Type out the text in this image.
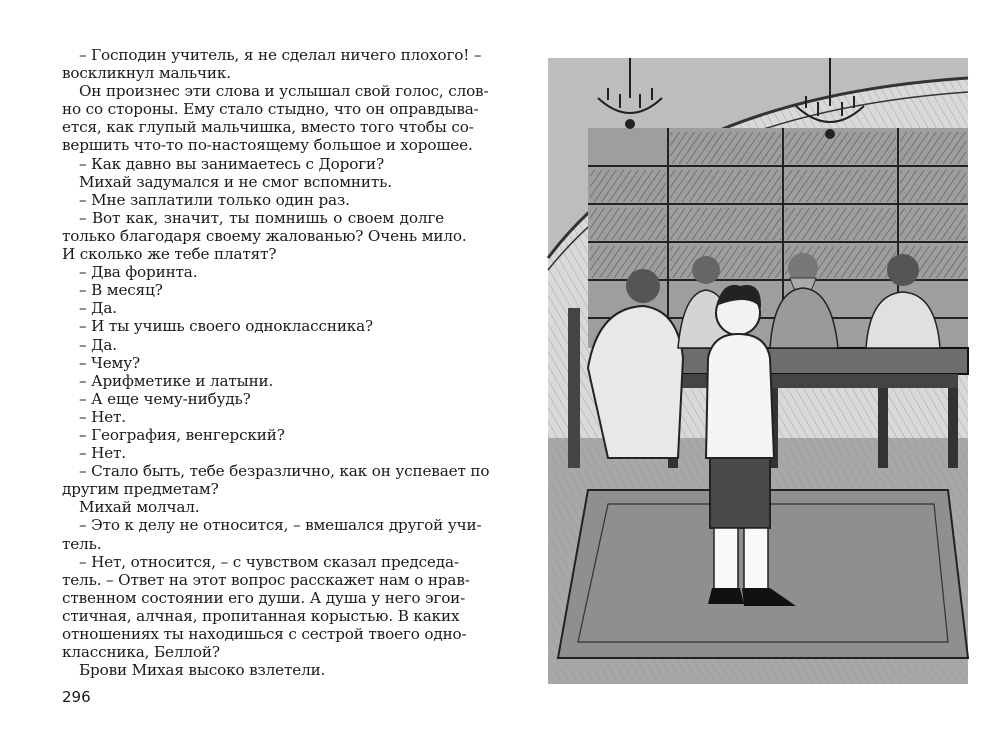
– Господин учитель, я не сделал ничего плохого! –
воскликнул мальчик.
Он произнес эти слова и услышал свой голос, слов-
но со стороны. Ему стало стыдно, что он оправдыва-
ется, как глупый мальчишка, вместо того чтобы со-
вершить что-то по-настоящему большое и хорошее.
– Как давно вы занимаетесь с Дороги?
Михай задумался и не смог вспомнить.
– Мне заплатили только один раз.
– Вот как, значит, ты помнишь о своем долге
только благодаря своему жалованью? Очень мило.
И сколько же тебе платят?
– Два форинта.
– В месяц?
– Да.
– И ты учишь своего одноклассника?
– Да.
– Чему?
– Арифметике и латыни.
– А еще чему-нибудь?
– Нет.
– География, венгерский?
– Нет.
– Стало быть, тебе безразлично, как он успевает по
другим предметам?
Михай молчал.
– Это к делу не относится, – вмешался другой учи-
тель.
– Нет, относится, – с чувством сказал председа-
тель. – Ответ на этот вопрос расскажет нам о нрав-
ственном состоянии его души. А душа у него эгои-
стичная, алчная, пропитанная корыстью. В каких
отношениях ты находишься с сестрой твоего одно-
классника, Беллой?
Брови Михая высоко взлетели.
296
